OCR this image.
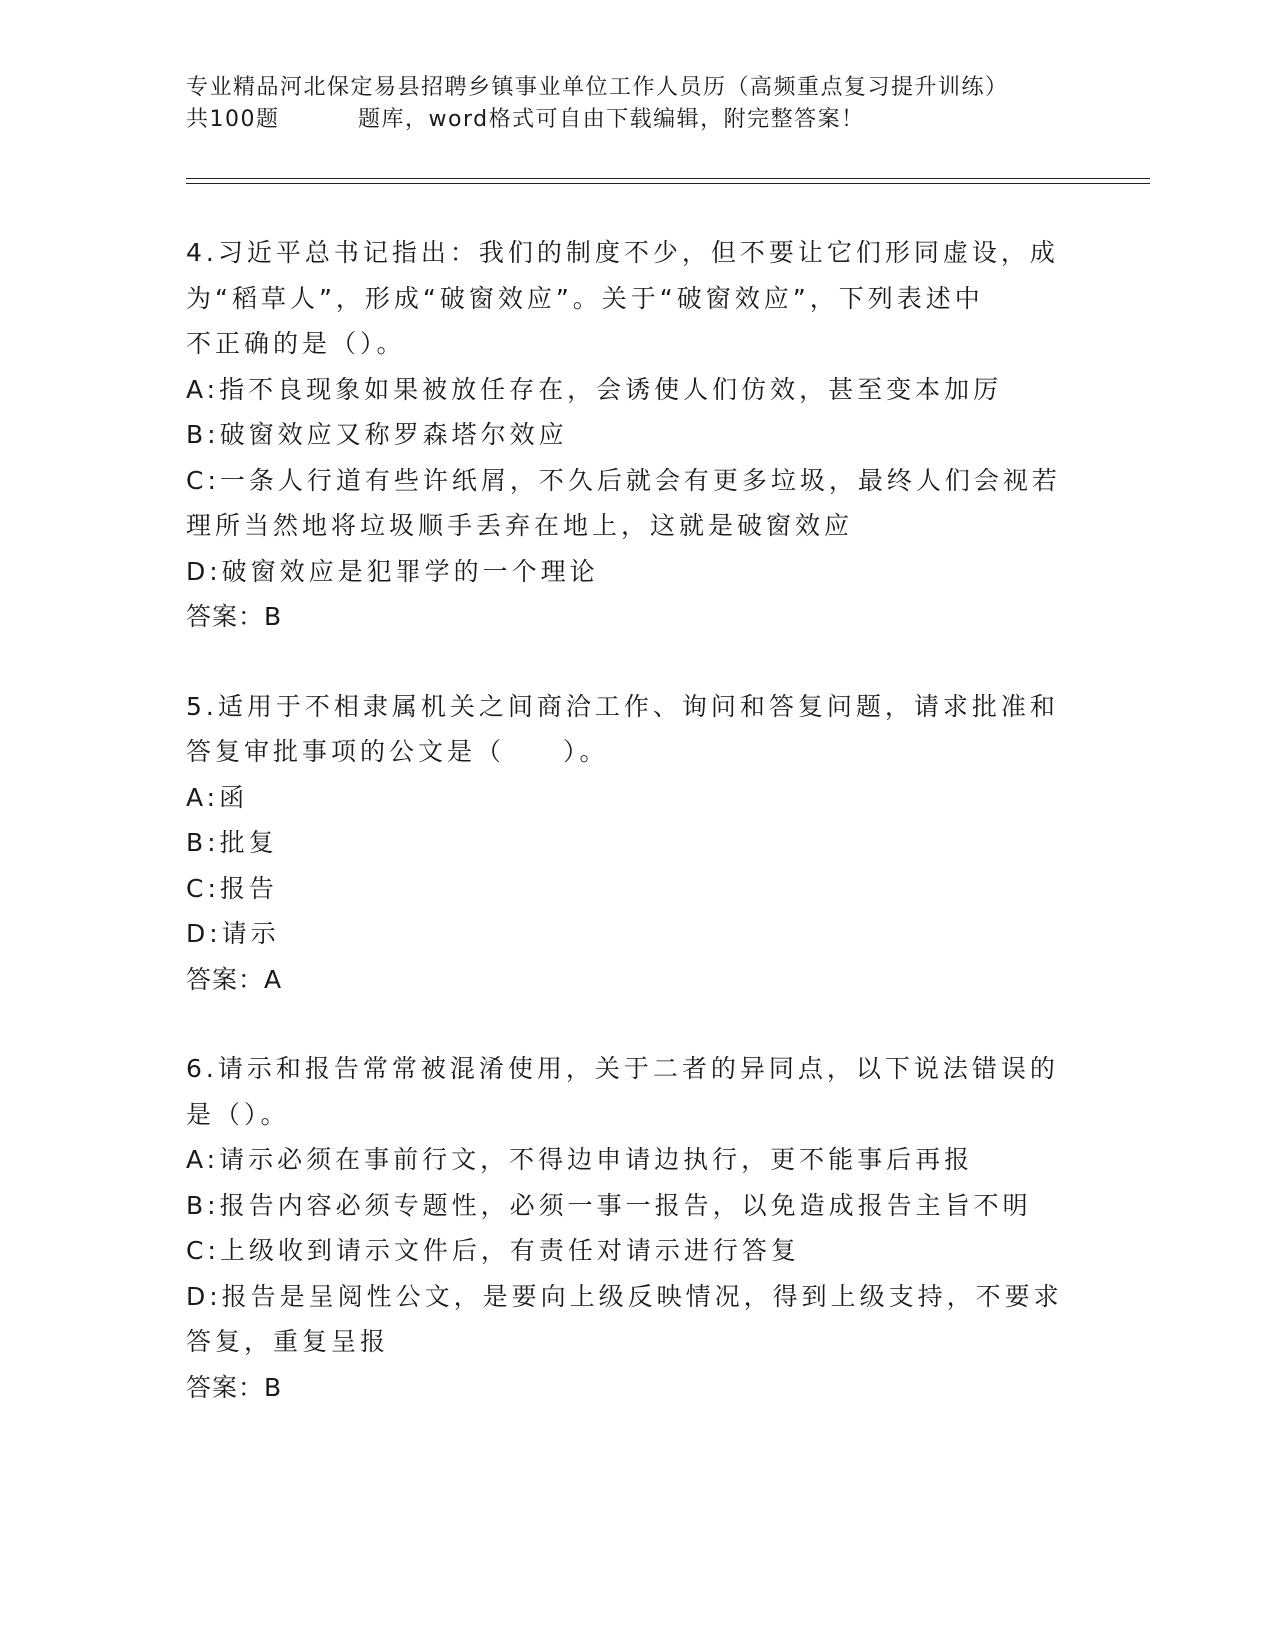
专业精品河北保定易县招聘乡镇事业单位工作人员历（高频重点复习提升训练）
共100题	题库，word格式可自由下载编辑，附完整答案！
4.习近平总书记指出：我们的制度不少，但不要让它们形同虚设，成
为“稻草人”，形成“破窗效应”。关于“破窗效应”，下列表述中
不正确的是（）。
A:指不良现象如果被放任存在，会诱使人们仿效，甚至变本加厉
B:破窗效应又称罗森塔尔效应
C:一条人行道有些许纸屑，不久后就会有更多垃圾，最终人们会视若
理所当然地将垃圾顺手丢弃在地上，这就是破窗效应
D:破窗效应是犯罪学的一个理论
答案：B
5.适用于不相隶属机关之间商洽工作、询问和答复问题，请求批准和
答复审批事项的公文是（　　）。
A:函
B:批复
C:报告
D:请示
答案：A
6.请示和报告常常被混淆使用，关于二者的异同点，以下说法错误的
是（）。
A:请示必须在事前行文，不得边申请边执行，更不能事后再报
B:报告内容必须专题性，必须一事一报告，以免造成报告主旨不明
C:上级收到请示文件后，有责任对请示进行答复
D:报告是呈阅性公文，是要向上级反映情况，得到上级支持，不要求
答复，重复呈报
答案：B
